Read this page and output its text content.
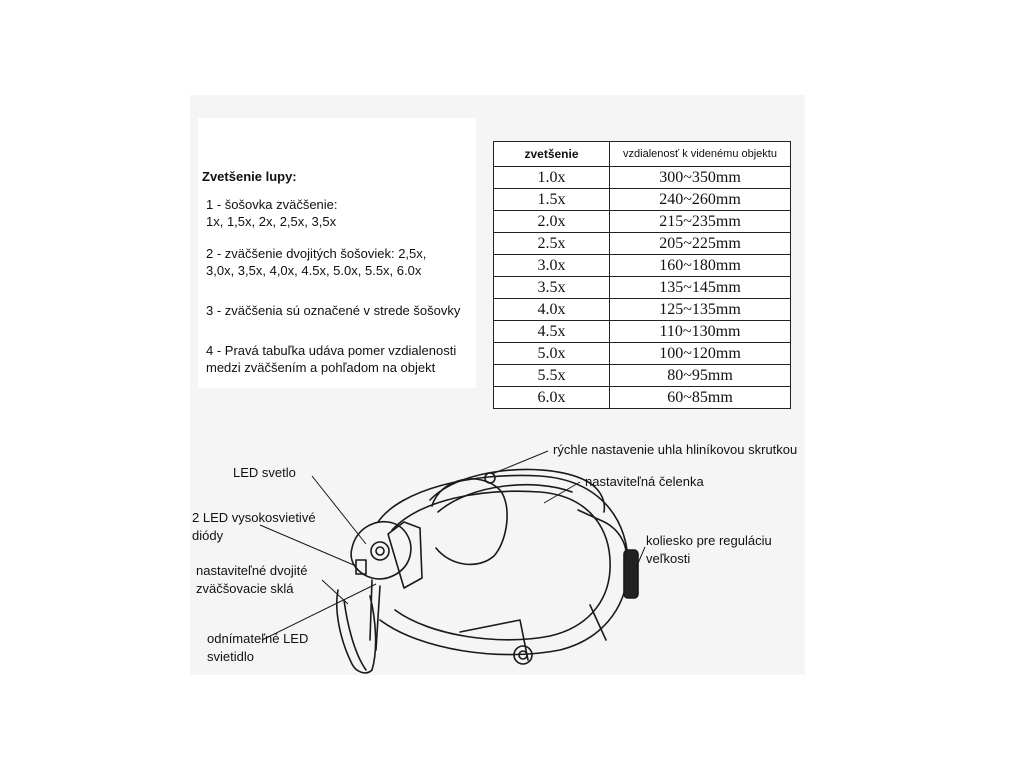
Zvetšenie lupy:

1 - šošovka zväčšenie:
1x, 1,5x, 2x, 2,5x, 3,5x

2 - zväčšenie dvojitých šošoviek: 2,5x,
3,0x, 3,5x, 4,0x, 4.5x, 5.0x, 5.5x, 6.0x

3 - zväčšenia sú označené v strede šošovky

4 - Pravá tabuľka udáva pomer vzdialenosti
medzi zväčšením a pohľadom na objekt

zvetšenie	vzdialenosť k videnému objektu
1.0x	300~350mm
1.5x	240~260mm
2.0x	215~235mm
2.5x	205~225mm
3.0x	160~180mm
3.5x	135~145mm
4.0x	125~135mm
4.5x	110~130mm
5.0x	100~120mm
5.5x	80~95mm
6.0x	60~85mm
LED svetlo
2 LED vysokosvietivé
diódy
nastaviteľné dvojité
zväčšovacie sklá
odnímateľné LED
svietidlo
rýchle nastavenie uhla hliníkovou skrutkou
nastaviteľná čelenka
koliesko pre reguláciu
veľkosti
